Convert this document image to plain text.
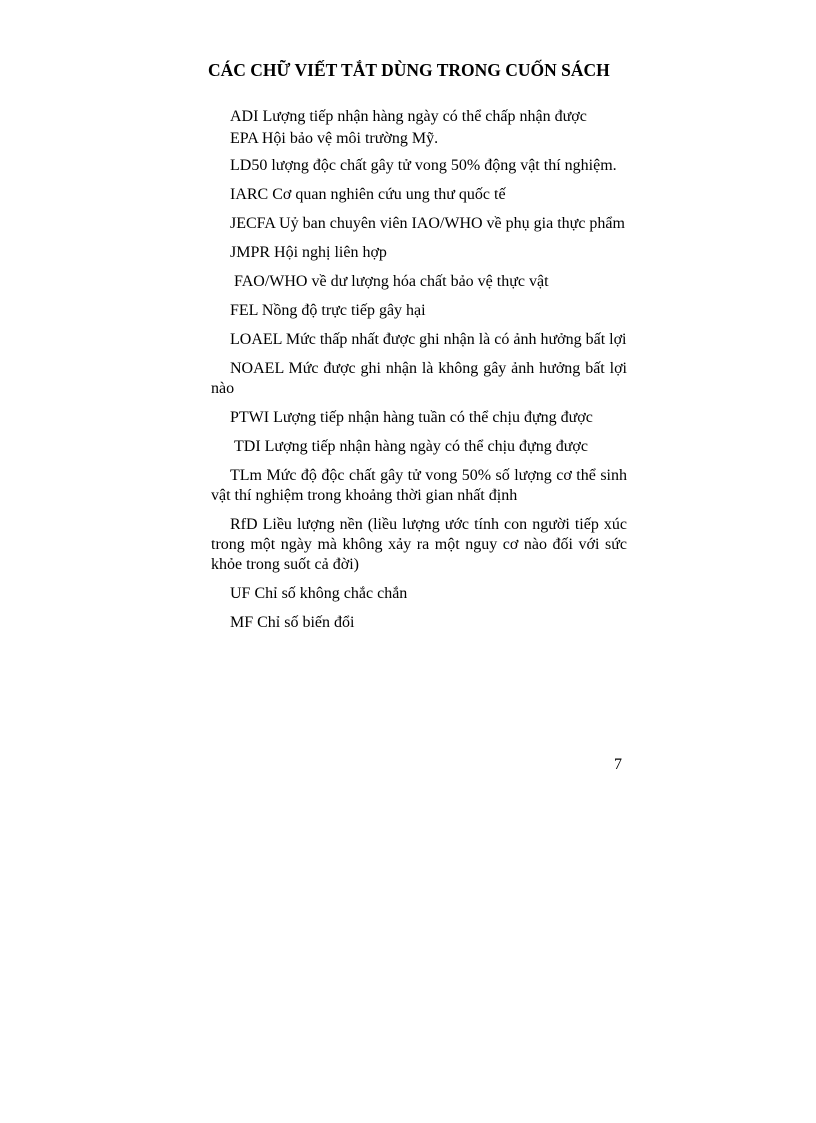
CÁC CHỮ VIẾT TẮT DÙNG TRONG CUỐN SÁCH
ADI Lượng tiếp nhận hàng ngày có thể chấp nhận được
EPA Hội bảo vệ môi trường Mỹ.
LD50 lượng độc chất gây tử vong 50% động vật thí nghiệm.
IARC Cơ quan nghiên cứu ung thư quốc tế
JECFA Uỷ ban chuyên viên IAO/WHO về phụ gia thực phẩm
JMPR Hội nghị liên hợp
FAO/WHO về dư lượng hóa chất bảo vệ thực vật
FEL Nồng độ trực tiếp gây hại
LOAEL Mức thấp nhất được ghi nhận là có ảnh hưởng bất lợi
NOAEL Mức được ghi nhận là không gây ảnh hưởng bất lợi nào
PTWI Lượng tiếp nhận hàng tuần có thể chịu đựng được
TDI Lượng tiếp nhận hàng ngày có thể chịu đựng được
TLm Mức độ độc chất gây tử vong 50% số lượng cơ thể sinh vật thí nghiệm trong khoảng thời gian nhất định
RfD Liều lượng nền (liều lượng ước tính con người tiếp xúc trong một ngày mà không xảy ra một nguy cơ nào đối với sức khỏe trong suốt cả đời)
UF Chỉ số không chắc chắn
MF Chỉ số biến đổi
7
